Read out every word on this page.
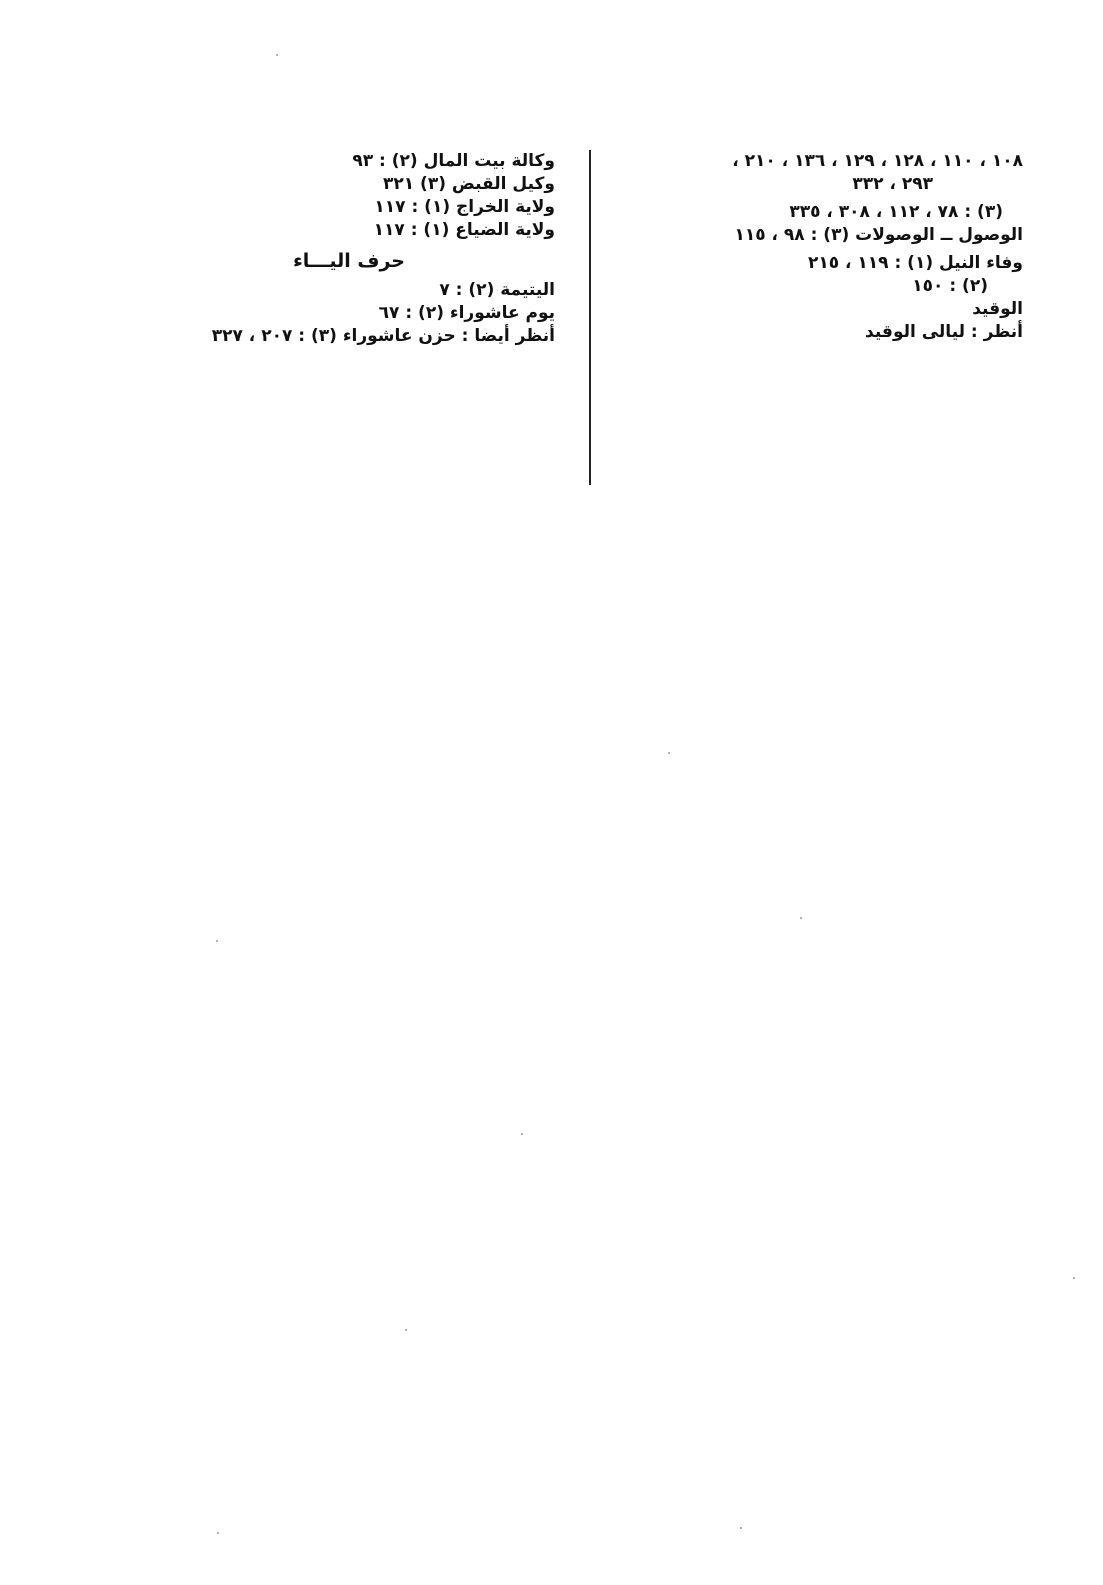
١٠٨ ، ١١٠ ، ١٢٨ ، ١٢٩ ، ١٣٦ ، ٢١٠ ،
٢٩٣ ، ٣٣٢
(٣) : ٧٨ ، ١١٢ ، ٣٠٨ ، ٣٣٥
الوصول ــ الوصولات (٣) : ٩٨ ، ١١٥
وفاء النيل (١) : ١١٩ ، ٢١٥
(٢) : ١٥٠
الوقيد
أنظر : ليالى الوقيد
وكالة بيت المال (٢) : ٩٣
وكيل القبض (٣) ٣٢١
ولاية الخراج (١) : ١١٧
ولاية الضياع (١) : ١١٧
حرف اليـــاء
اليتيمة (٢) : ٧
يوم عاشوراء (٢) : ٦٧
أنظر أيضا : حزن عاشوراء (٣) : ٢٠٧ ، ٣٢٧
